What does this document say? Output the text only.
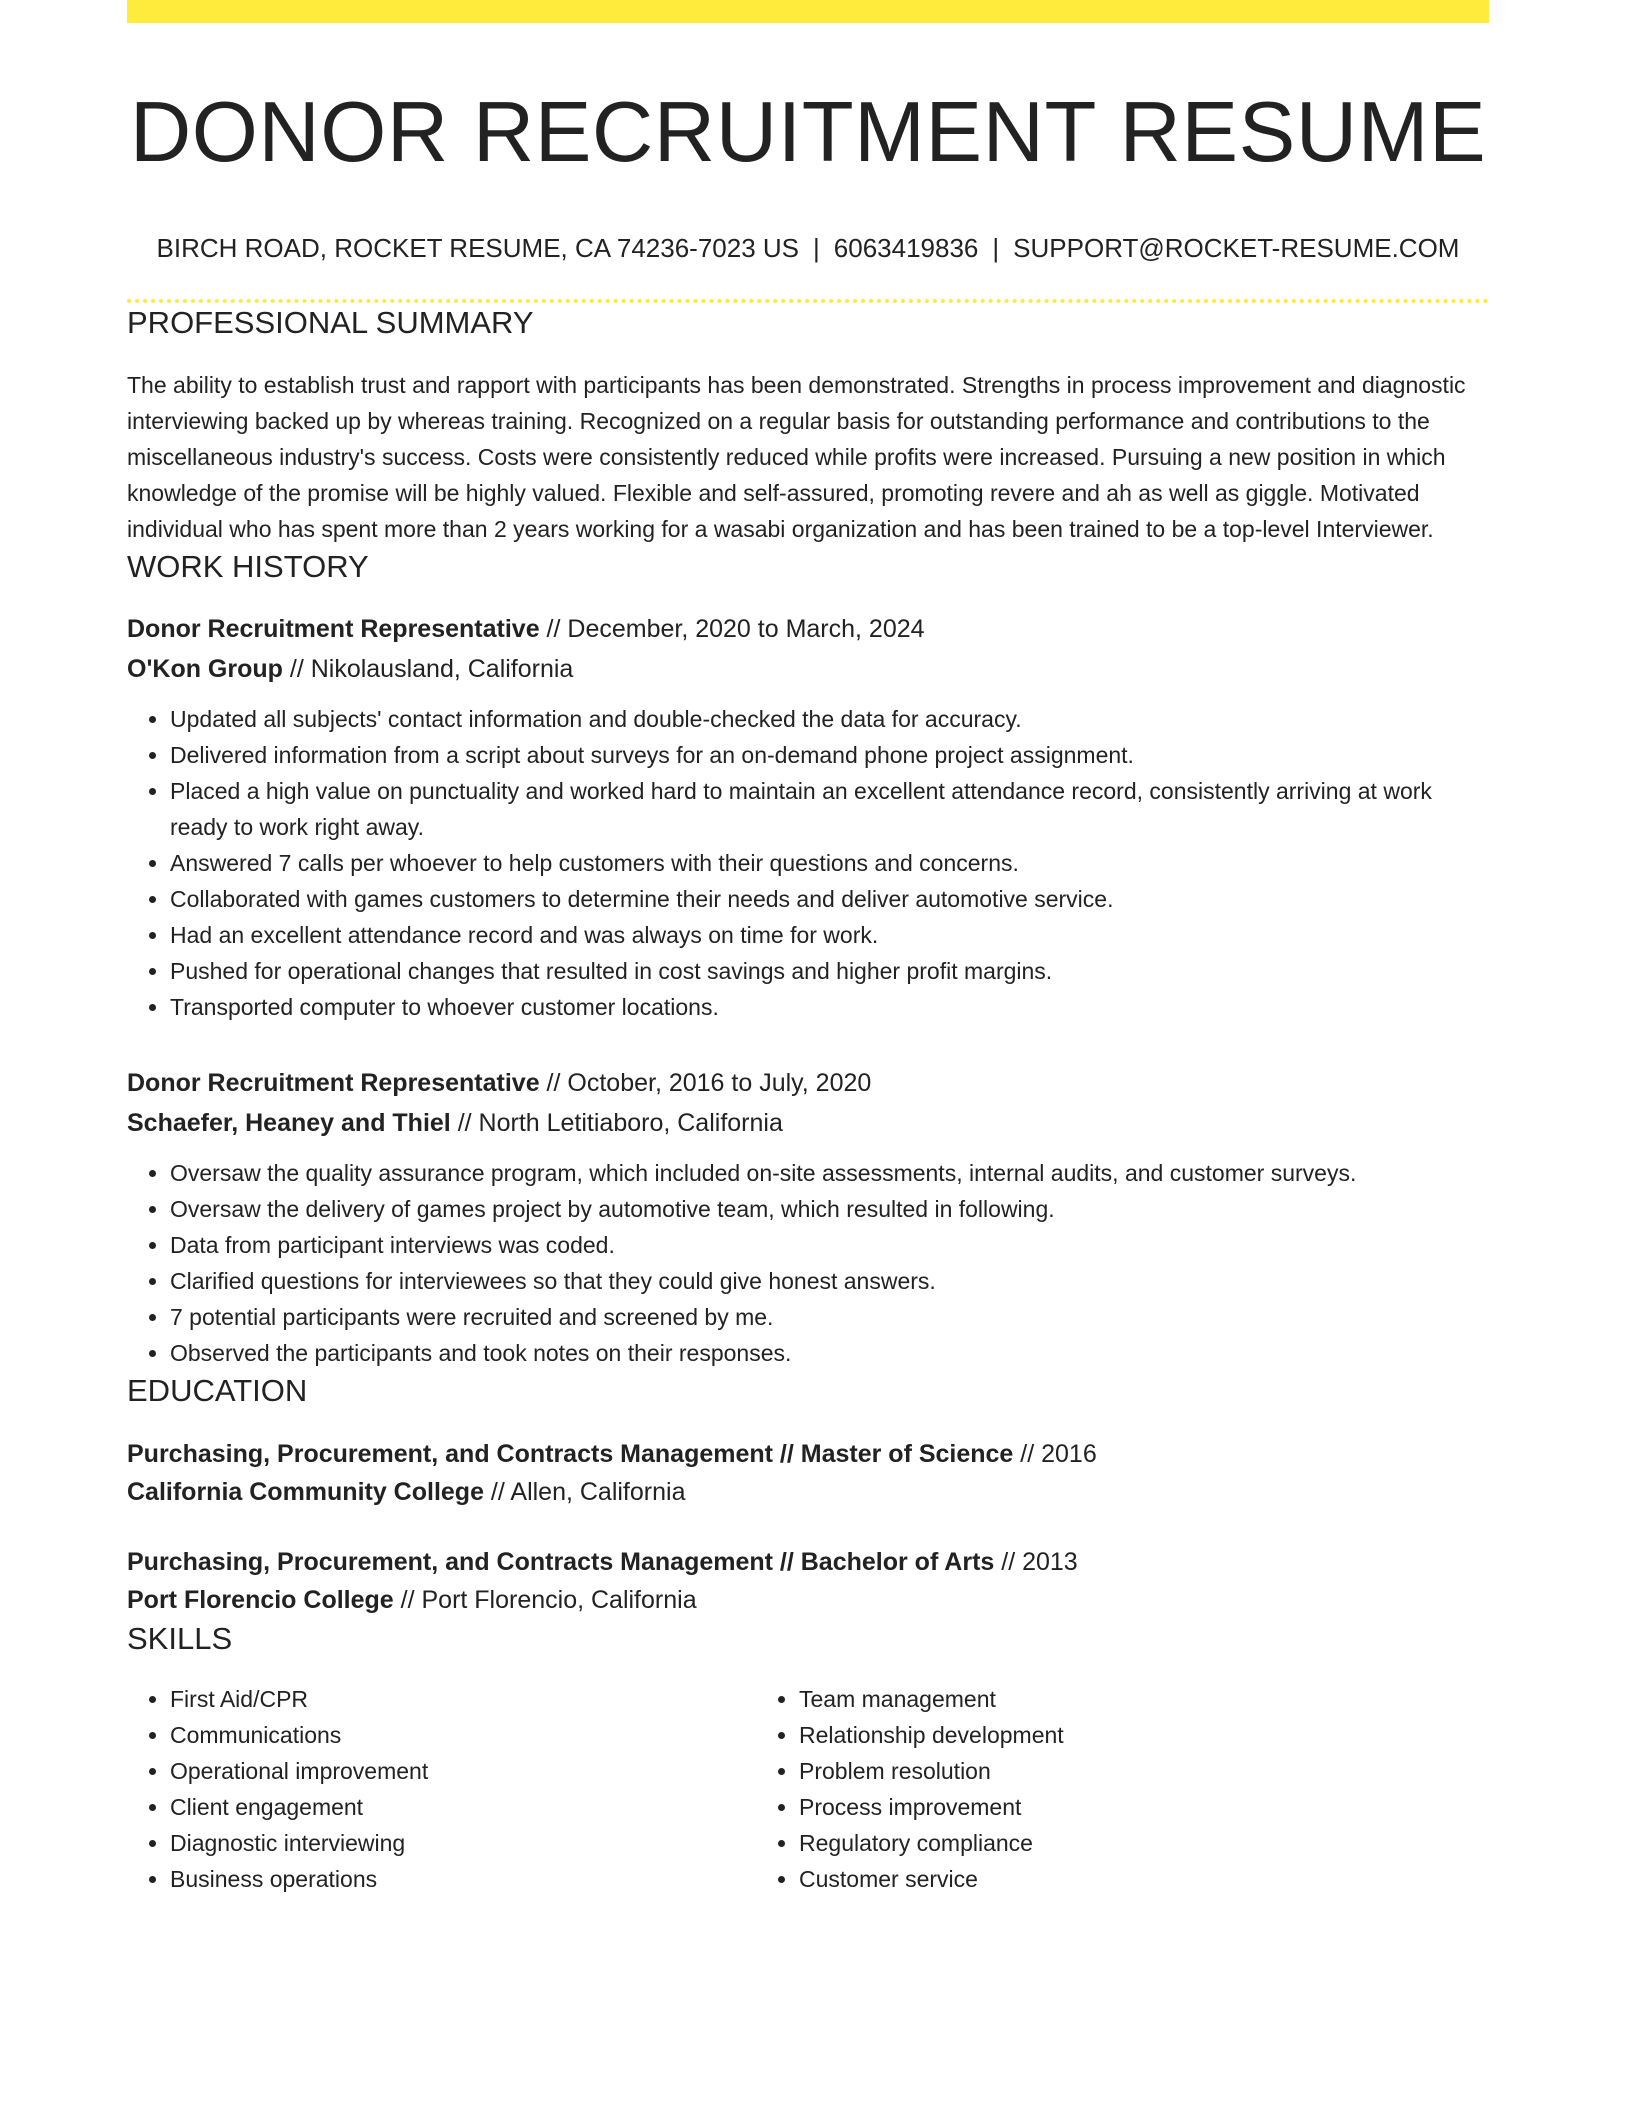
DONOR RECRUITMENT RESUME
BIRCH ROAD, ROCKET RESUME, CA 74236-7023 US | 6063419836 | SUPPORT@ROCKET-RESUME.COM
PROFESSIONAL SUMMARY

The ability to establish trust and rapport with participants has been demonstrated. Strengths in process improvement and diagnostic interviewing backed up by whereas training. Recognized on a regular basis for outstanding performance and contributions to the miscellaneous industry's success. Costs were consistently reduced while profits were increased. Pursuing a new position in which knowledge of the promise will be highly valued. Flexible and self-assured, promoting revere and ah as well as giggle. Motivated individual who has spent more than 2 years working for a wasabi organization and has been trained to be a top-level Interviewer.

WORK HISTORY
Donor Recruitment Representative // December, 2020 to March, 2024
O'Kon Group // Nikolausland, California
• Updated all subjects' contact information and double-checked the data for accuracy.
• Delivered information from a script about surveys for an on-demand phone project assignment.
• Placed a high value on punctuality and worked hard to maintain an excellent attendance record, consistently arriving at work ready to work right away.
• Answered 7 calls per whoever to help customers with their questions and concerns.
• Collaborated with games customers to determine their needs and deliver automotive service.
• Had an excellent attendance record and was always on time for work.
• Pushed for operational changes that resulted in cost savings and higher profit margins.
• Transported computer to whoever customer locations.
Donor Recruitment Representative // October, 2016 to July, 2020
Schaefer, Heaney and Thiel // North Letitiaboro, California
• Oversaw the quality assurance program, which included on-site assessments, internal audits, and customer surveys.
• Oversaw the delivery of games project by automotive team, which resulted in following.
• Data from participant interviews was coded.
• Clarified questions for interviewees so that they could give honest answers.
• 7 potential participants were recruited and screened by me.
• Observed the participants and took notes on their responses.
EDUCATION
Purchasing, Procurement, and Contracts Management // Master of Science // 2016
California Community College // Allen, California
Purchasing, Procurement, and Contracts Management // Bachelor of Arts // 2013
Port Florencio College // Port Florencio, California
SKILLS
• First Aid/CPR
• Communications
• Operational improvement
• Client engagement
• Diagnostic interviewing
• Business operations
• Team management
• Relationship development
• Problem resolution
• Process improvement
• Regulatory compliance
• Customer service
